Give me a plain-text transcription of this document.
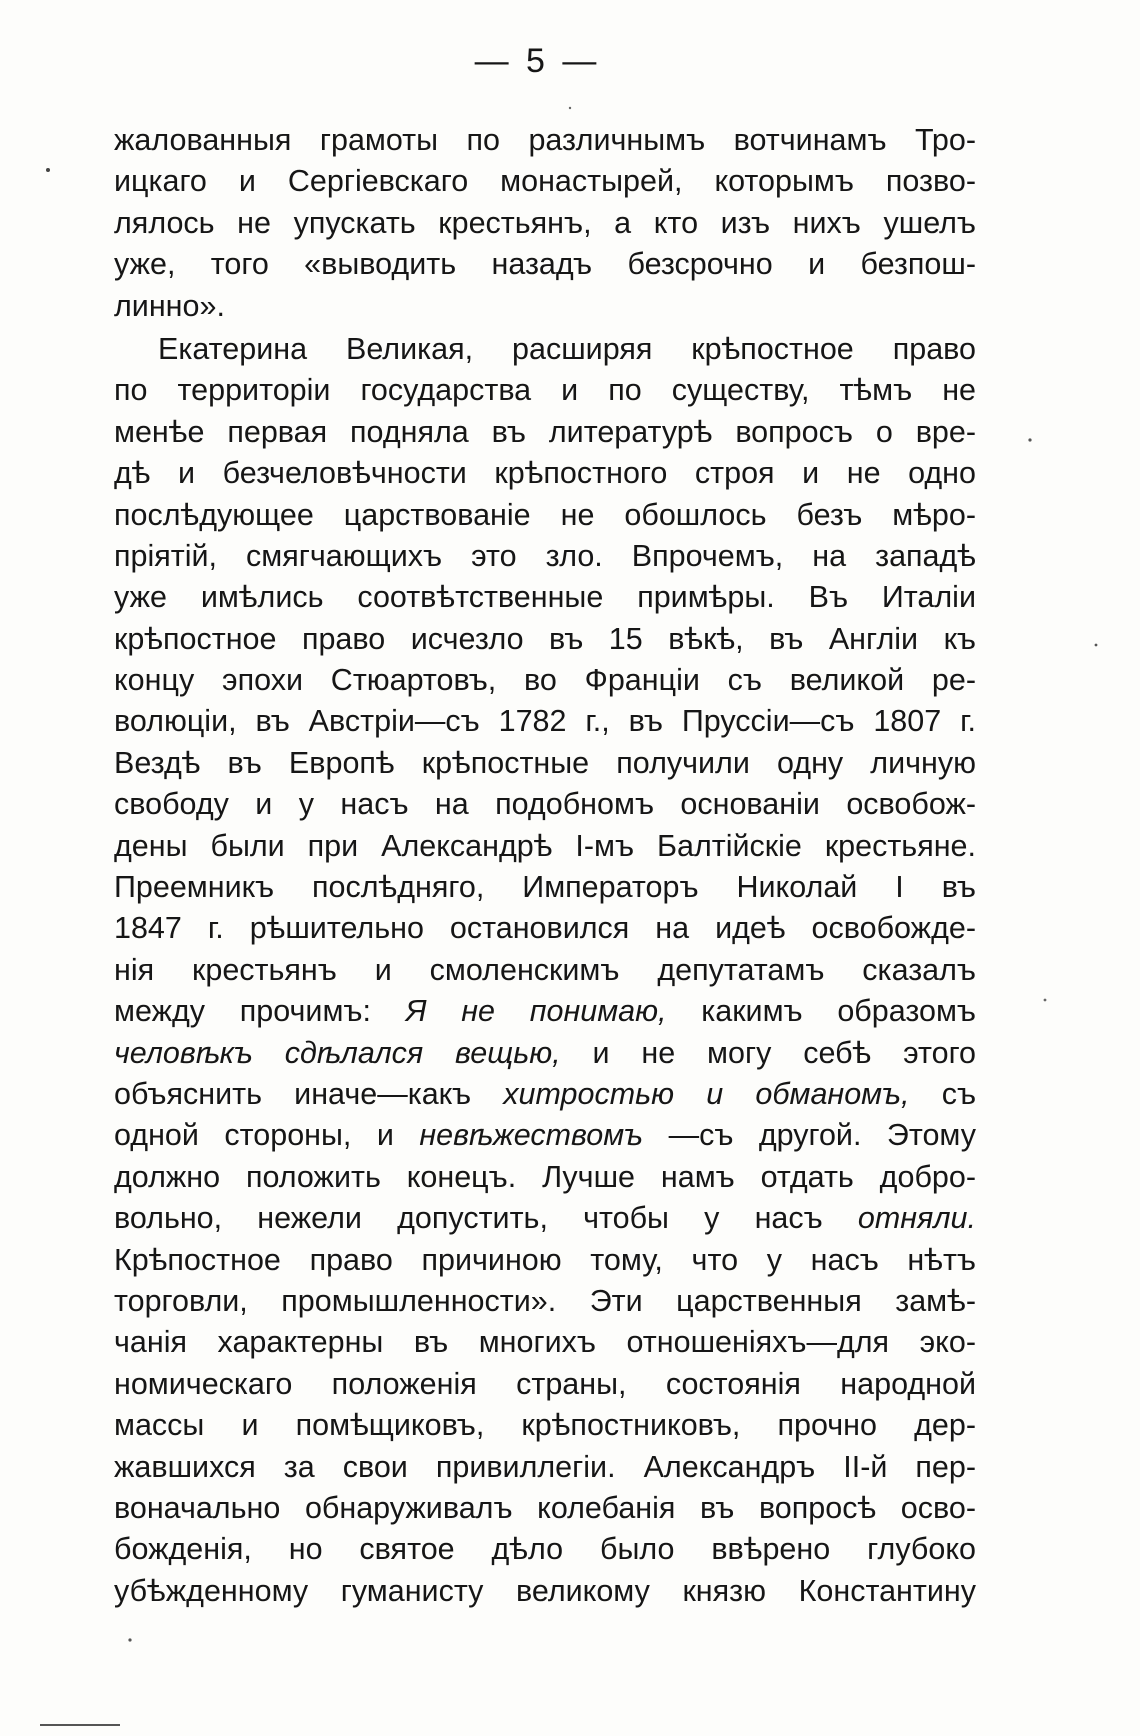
— 5 —
жалованныя грамоты по различнымъ вотчинамъ Тро-
ицкаго и Сергіевскаго монастырей, которымъ позво-
лялось не упускать крестьянъ, а кто изъ нихъ ушелъ
уже, того «выводить назадъ безсрочно и безпош-
линно».
Екатерина Великая, расширяя крѣпостное право
по территоріи государства и по существу, тѣмъ не
менѣе первая подняла въ литературѣ вопросъ о вре-
дѣ и безчеловѣчности крѣпостного строя и не одно
послѣдующее царствованіе не обошлось безъ мѣро-
пріятій, смягчающихъ это зло. Впрочемъ, на западѣ
уже имѣлись соотвѣтственные примѣры. Въ Италіи
крѣпостное право исчезло въ 15 вѣкѣ, въ Англіи къ
концу эпохи Стюартовъ, во Франціи съ великой ре-
волюціи, въ Австріи—съ 1782 г., въ Пруссіи—съ 1807 г.
Вездѣ въ Европѣ крѣпостные получили одну личную
свободу и у насъ на подобномъ основаніи освобож-
дены были при Александрѣ І-мъ Балтійскіе крестьяне.
Преемникъ послѣдняго, Императоръ Николай І въ
1847 г. рѣшительно остановился на идеѣ освобожде-
нія крестьянъ и смоленскимъ депутатамъ сказалъ
между прочимъ: Я не понимаю, какимъ образомъ
человѣкъ сдѣлался вещью, и не могу себѣ этого
объяснить иначе—какъ хитростью и обманомъ, съ
одной стороны, и невѣжествомъ —съ другой. Этому
должно положить конецъ. Лучше намъ отдать добро-
вольно, нежели допустить, чтобы у насъ отняли.
Крѣпостное право причиною тому, что у насъ нѣтъ
торговли, промышленности». Эти царственныя замѣ-
чанія характерны въ многихъ отношеніяхъ—для эко-
номическаго положенія страны, состоянія народной
массы и помѣщиковъ, крѣпостниковъ, прочно дер-
жавшихся за свои привиллегіи. Александръ ІІ-й пер-
воначально обнаруживалъ колебанія въ вопросѣ осво-
божденія, но святое дѣло было ввѣрено глубоко
убѣжденному гуманисту великому князю Константину
